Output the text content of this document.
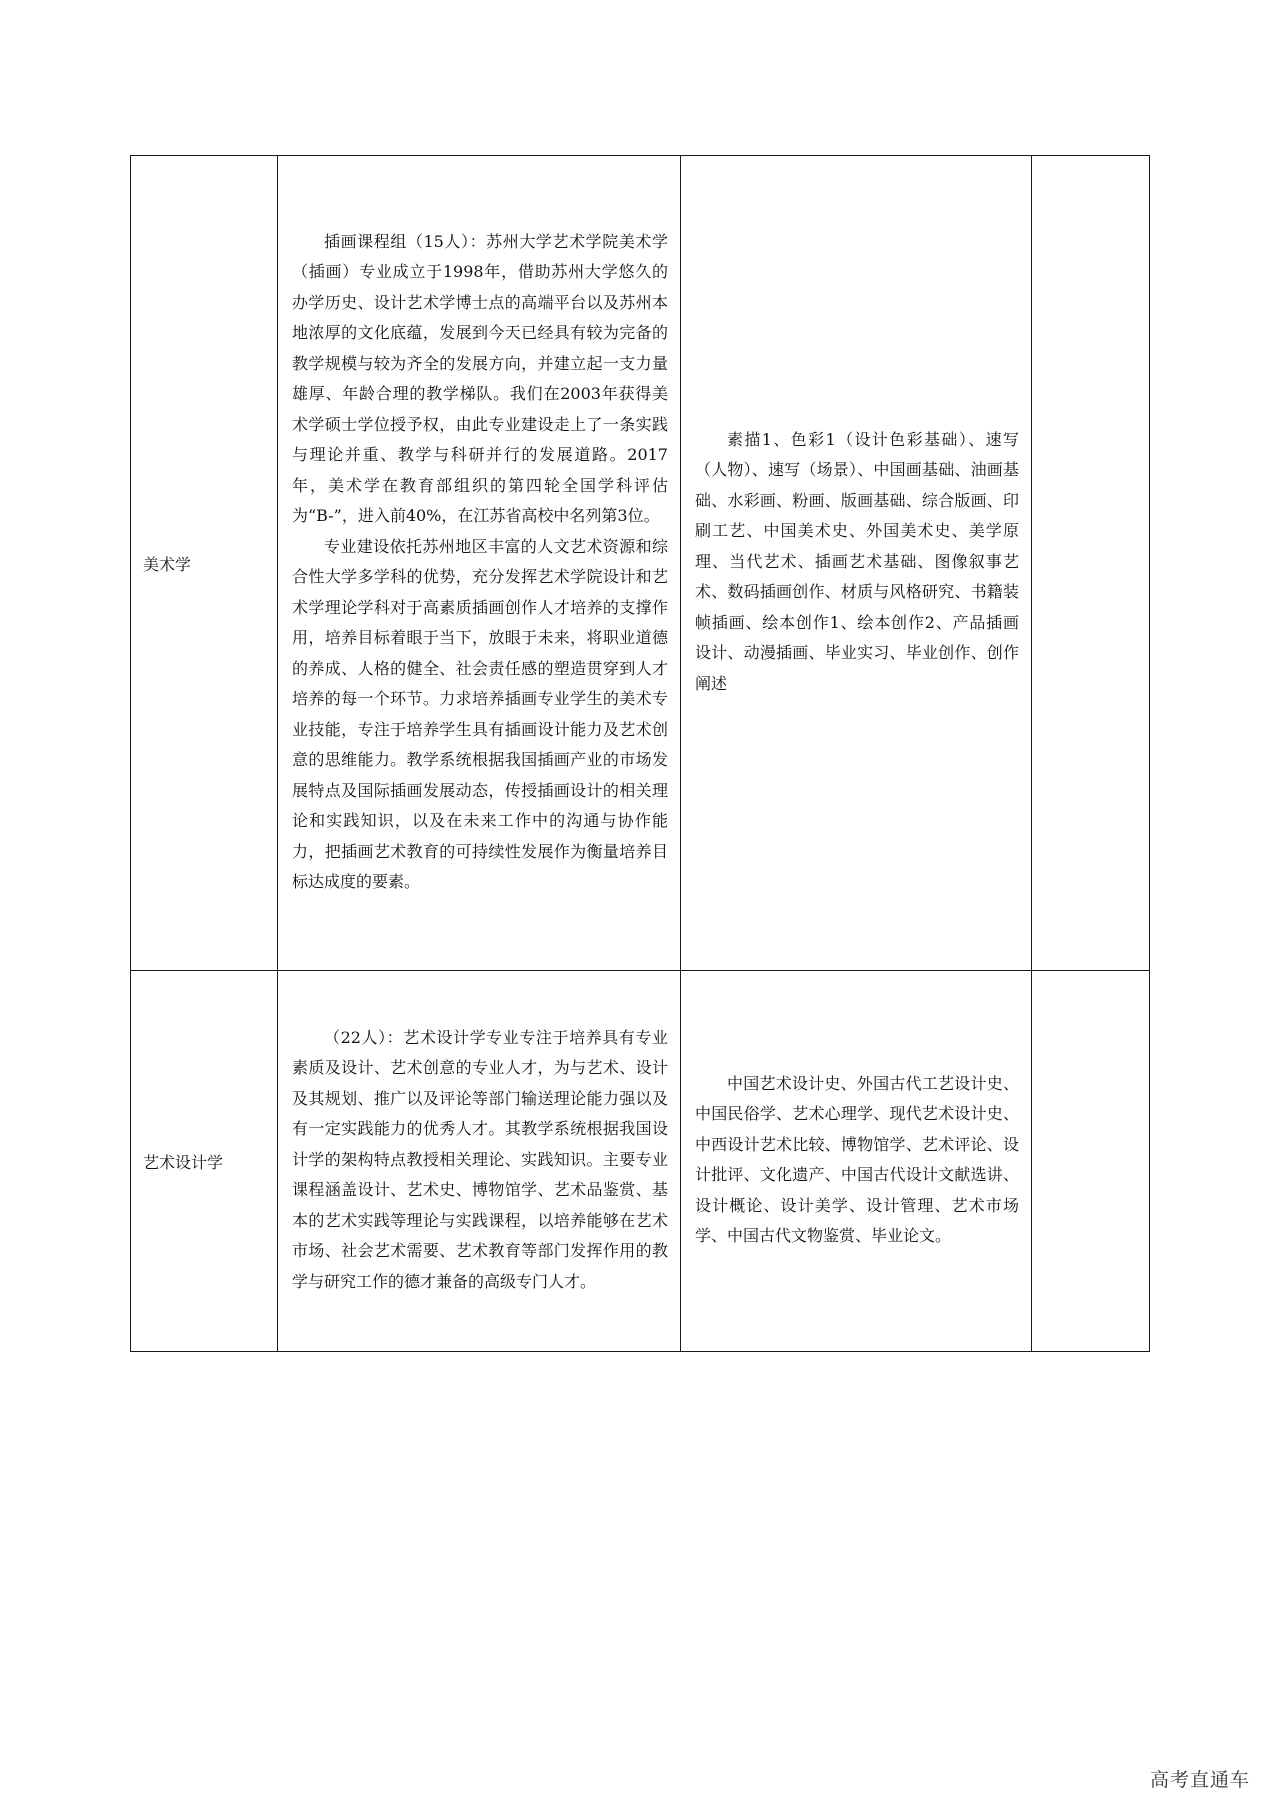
美术学	插画课程组（15人）：苏州大学艺术学院美术学（插画）专业成立于1998年，借助苏州大学悠久的办学历史、设计艺术学博士点的高端平台以及苏州本地浓厚的文化底蕴，发展到今天已经具有较为完备的教学规模与较为齐全的发展方向，并建立起一支力量雄厚、年龄合理的教学梯队。我们在2003年获得美术学硕士学位授予权，由此专业建设走上了一条实践与理论并重、教学与科研并行的发展道路。2017年，美术学在教育部组织的第四轮全国学科评估为“B-”，进入前40%，在江苏省高校中名列第3位。

专业建设依托苏州地区丰富的人文艺术资源和综合性大学多学科的优势，充分发挥艺术学院设计和艺术学理论学科对于高素质插画创作人才培养的支撑作用，培养目标着眼于当下，放眼于未来，将职业道德的养成、人格的健全、社会责任感的塑造贯穿到人才培养的每一个环节。力求培养插画专业学生的美术专业技能，专注于培养学生具有插画设计能力及艺术创意的思维能力。教学系统根据我国插画产业的市场发展特点及国际插画发展动态，传授插画设计的相关理论和实践知识，以及在未来工作中的沟通与协作能力，把插画艺术教育的可持续性发展作为衡量培养目标达成度的要素。	素描1、色彩1（设计色彩基础）、速写（人物）、速写（场景）、中国画基础、油画基础、水彩画、粉画、版画基础、综合版画、印刷工艺、中国美术史、外国美术史、美学原理、当代艺术、插画艺术基础、图像叙事艺术、数码插画创作、材质与风格研究、书籍装帧插画、绘本创作1、绘本创作2、产品插画设计、动漫插画、毕业实习、毕业创作、创作阐述	

艺术设计学	（22人）：艺术设计学专业专注于培养具有专业素质及设计、艺术创意的专业人才，为与艺术、设计及其规划、推广以及评论等部门输送理论能力强以及有一定实践能力的优秀人才。其教学系统根据我国设计学的架构特点教授相关理论、实践知识。主要专业课程涵盖设计、艺术史、博物馆学、艺术品鉴赏、基本的艺术实践等理论与实践课程，以培养能够在艺术市场、社会艺术需要、艺术教育等部门发挥作用的教学与研究工作的德才兼备的高级专门人才。	中国艺术设计史、外国古代工艺设计史、中国民俗学、艺术心理学、现代艺术设计史、中西设计艺术比较、博物馆学、艺术评论、设计批评、文化遗产、中国古代设计文献选讲、设计概论、设计美学、设计管理、艺术市场学、中国古代文物鉴赏、毕业论文。	

高考直通车
